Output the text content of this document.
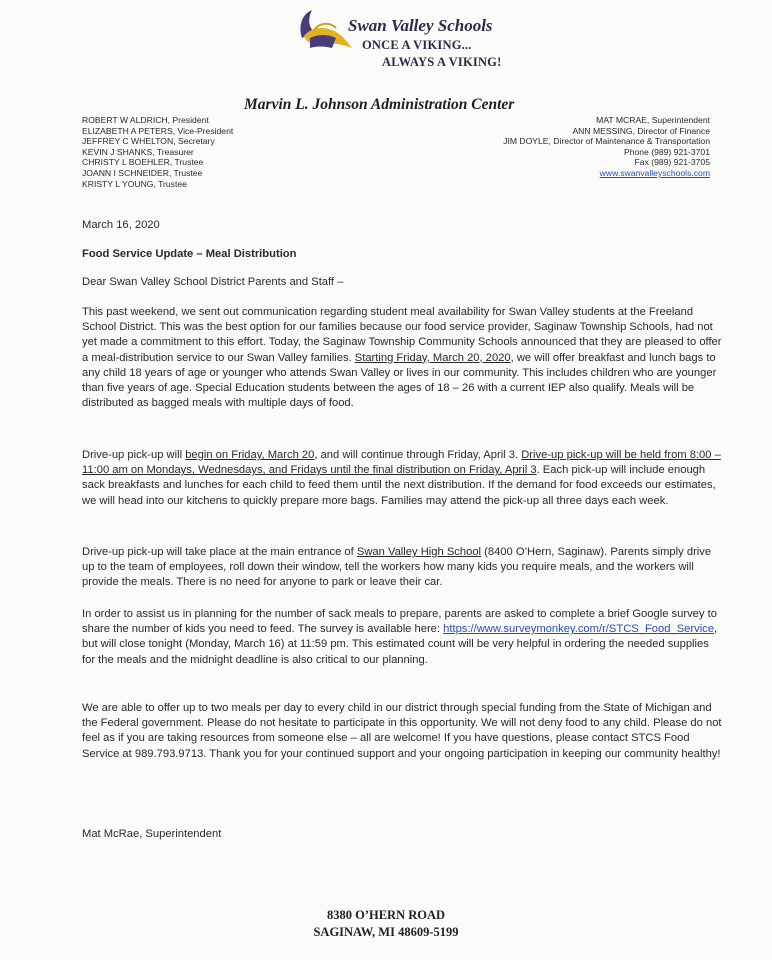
Swan Valley Schools
ONCE A VIKING...
ALWAYS A VIKING!
Marvin L. Johnson Administration Center
ROBERT W ALDRICH, President
ELIZABETH A PETERS, Vice-President
JEFFREY C WHELTON, Secretary
KEVIN J SHANKS, Treasurer
CHRISTY L BOEHLER, Trustee
JOANN I SCHNEIDER, Trustee
KRISTY L YOUNG, Trustee
MAT MCRAE, Superintendent
ANN MESSING, Director of Finance
JIM DOYLE, Director of Maintenance & Transportation
Phone (989) 921-3701
Fax (989) 921-3705
www.swanvalleyschools.com
March 16, 2020
Food Service Update – Meal Distribution
Dear Swan Valley School District Parents and Staff –
This past weekend, we sent out communication regarding student meal availability for Swan Valley students at the Freeland School District. This was the best option for our families because our food service provider, Saginaw Township Schools, had not yet made a commitment to this effort. Today, the Saginaw Township Community Schools announced that they are pleased to offer a meal-distribution service to our Swan Valley families. Starting Friday, March 20, 2020, we will offer breakfast and lunch bags to any child 18 years of age or younger who attends Swan Valley or lives in our community. This includes children who are younger than five years of age. Special Education students between the ages of 18 – 26 with a current IEP also qualify. Meals will be distributed as bagged meals with multiple days of food.
Drive-up pick-up will begin on Friday, March 20, and will continue through Friday, April 3. Drive-up pick-up will be held from 8:00 – 11:00 am on Mondays, Wednesdays, and Fridays until the final distribution on Friday, April 3. Each pick-up will include enough sack breakfasts and lunches for each child to feed them until the next distribution. If the demand for food exceeds our estimates, we will head into our kitchens to quickly prepare more bags. Families may attend the pick-up all three days each week.
Drive-up pick-up will take place at the main entrance of Swan Valley High School (8400 O’Hern, Saginaw). Parents simply drive up to the team of employees, roll down their window, tell the workers how many kids you require meals, and the workers will provide the meals. There is no need for anyone to park or leave their car.
In order to assist us in planning for the number of sack meals to prepare, parents are asked to complete a brief Google survey to share the number of kids you need to feed. The survey is available here: https://www.surveymonkey.com/r/STCS_Food_Service, but will close tonight (Monday, March 16) at 11:59 pm. This estimated count will be very helpful in ordering the needed supplies for the meals and the midnight deadline is also critical to our planning.
We are able to offer up to two meals per day to every child in our district through special funding from the State of Michigan and the Federal government. Please do not hesitate to participate in this opportunity. We will not deny food to any child. Please do not feel as if you are taking resources from someone else – all are welcome! If you have questions, please contact STCS Food Service at 989.793.9713. Thank you for your continued support and your ongoing participation in keeping our community healthy!
Mat McRae, Superintendent
8380 O’HERN ROAD
SAGINAW, MI 48609-5199
